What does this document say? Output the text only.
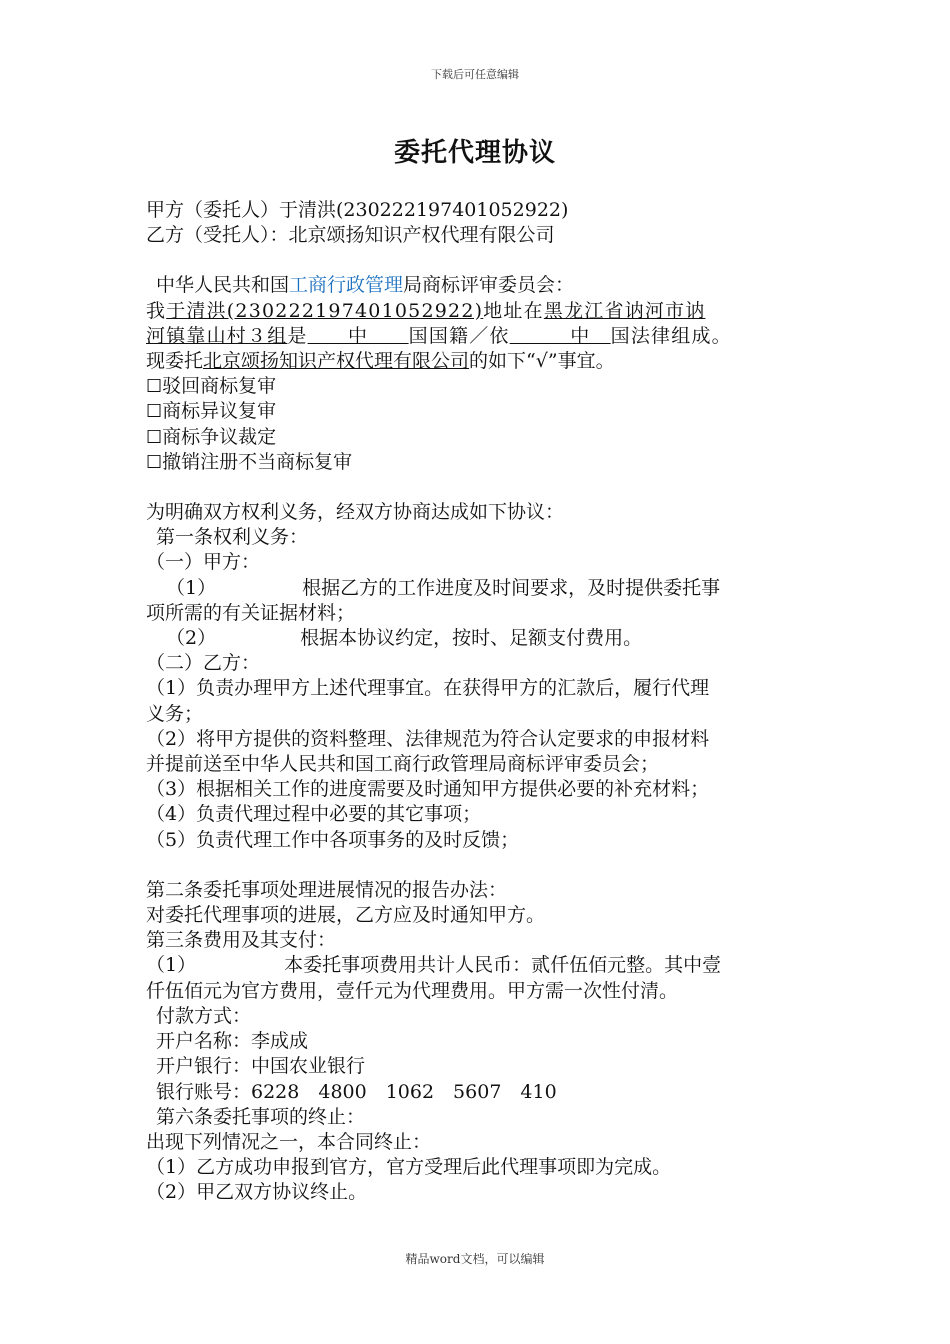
下载后可任意编辑
委托代理协议

甲方（委托人）于清洪(230222197401052922)

乙方（受托人）：北京颂扬知识产权代理有限公司

中华人民共和国工商行政管理局商标评审委员会：

我于清洪(230222197401052922)地址在黑龙江省讷河市讷

河镇靠山村３组是　　中　　国国籍／依　　　中　国法律组成。

现委托北京颂扬知识产权代理有限公司的如下“√”事宜。

☐驳回商标复审

☐商标异议复审

☐商标争议裁定

☐撤销注册不当商标复审

为明确双方权利义务，经双方协商达成如下协议：

第一条权利义务：

（一）甲方：

（1）	根据乙方的工作进度及时间要求，及时提供委托事

项所需的有关证据材料；

（2）	根据本协议约定，按时、足额支付费用。

（二）乙方：

（1）负责办理甲方上述代理事宜。在获得甲方的汇款后，履行代理

义务；

（2）将甲方提供的资料整理、法律规范为符合认定要求的申报材料

并提前送至中华人民共和国工商行政管理局商标评审委员会；

（3）根据相关工作的进度需要及时通知甲方提供必要的补充材料；

（4）负责代理过程中必要的其它事项；

（5）负责代理工作中各项事务的及时反馈；

第二条委托事项处理进展情况的报告办法：

对委托代理事项的进展，乙方应及时通知甲方。

第三条费用及其支付：

（1）	本委托事项费用共计人民币：贰仟伍佰元整。其中壹

仟伍佰元为官方费用，壹仟元为代理费用。甲方需一次性付清。

付款方式：

开户名称：李成成

开户银行：中国农业银行

银行账号：6228　4800　1062　5607　410

第六条委托事项的终止：

出现下列情况之一，本合同终止：

（1）乙方成功申报到官方，官方受理后此代理事项即为完成。

（2）甲乙双方协议终止。

精品word文档，可以编辑
